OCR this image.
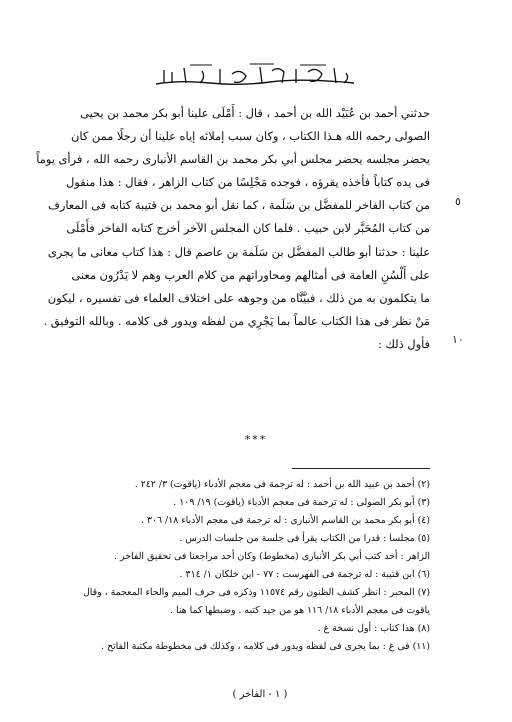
حدثني أحمد بن عُبَيْد الله بن أحمد ، قال : أَمْلَى علينا أبو بكر محمد بن يحيى
الصولى رحمه الله هـذا الكتاب ، وكان سبب إملائه إياه علينا أن رجلًا ممن كان
يحضر مجلسه يحضر مجلس أبي بكر محمد بن القاسم الأنبارى رحمه الله ، فرأى يوماً
فى يده كتاباً فأخذه يقرؤه ، فوجده مَجْلِسًا من كتاب الزاهر ، فقال : هذا منقول
من كتاب الفاخر للمفضَّل بن سَلَمة ، كما نقل أبو محمد بن قتيبة كتابه فى المعارف
من كتاب المُحَبَّر لابن حبيب . فلما كان المجلس الآخر أخرج كتابه الفاخر فأَمْلَى
علينا : حدثنا أبو طالب المفضَّل بن سَلَمة بن عاصم قال : هذا كتاب معانى ما يجرى
على أَلْسُنِ العامة فى أمثالهم ومحاوراتهم من كلام العرب وهم لا يَدْرُون معنى
ما يتكلمون به من ذلك ، فبيَّنَّاه من وجوهه على اختلاف العلماء فى تفسيره ، ليكون
مَنْ نظر فى هذا الكتاب عالماً بما يَجْرِي من لفظه ويدور فى كلامه . وبالله التوفيق .
فأول ذلك :
٥
١٠
***
(٢) أحمد بن عبيد الله بن أحمد : له ترجمة فى معجم الأدباء (ياقوت) ٣/ ٢٤٢ .
(٣) أبو بكر الصولى : له ترجمة فى معجم الأدباء (ياقوت) ١٩/ ١٠٩ .
(٤) أبو بكر محمد بن القاسم الأنبارى : له ترجمة فى معجم الأدباء ١٨/ ٣٠٦ .
(٥) مجلسا : قدرا من الكتاب يقرأ فى جلسة من جلسات الدرس .
الزاهر : أحد كتب أبي بكر الأنبارى (مخطوط) وكان أحد مراجعنا فى تحقيق الفاخر .
(٦) ابن قتيبة : له ترجمة فى الفهرست : ٧٧ - ابن خلكان ١/ ٣١٤ .
(٧) المحبر : انظر كشف الظنون رقم ١١٥٧٤ وذكره فى حرف الميم والحاء المعجمة ، وقال
ياقوت فى معجم الأدباء ١٨/ ١١٦ هو من جيد كتبه . وضبطها كما هنا .
(٨) هذا كتاب : أول نسخة غ .
(١١) فى غ : بما يجرى فى لفظه ويدور فى كلامه ، وكذلك فى مخطوطة مكتبة الفاتح .
( ١ - الفاخر )
